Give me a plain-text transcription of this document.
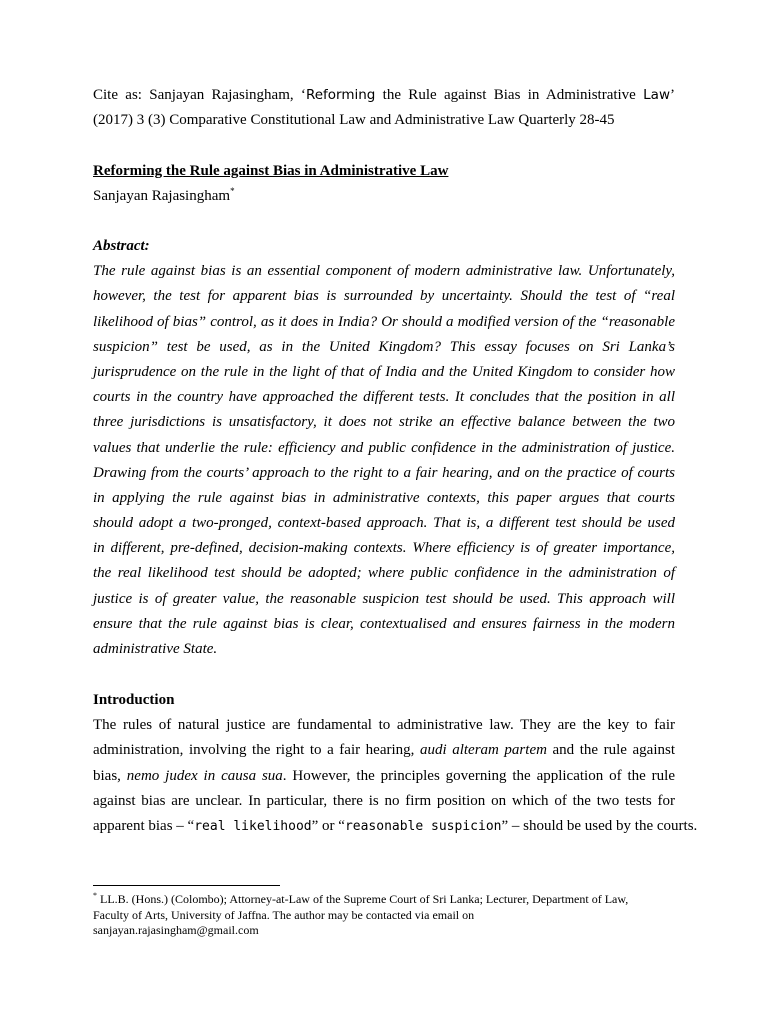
Cite as: Sanjayan Rajasingham, ‘Reforming the Rule against Bias in Administrative Law’
(2017) 3 (3) Comparative Constitutional Law and Administrative Law Quarterly 28-45
Reforming the Rule against Bias in Administrative Law
Sanjayan Rajasingham*
Abstract:
The rule against bias is an essential component of modern administrative law. Unfortunately,
however, the test for apparent bias is surrounded by uncertainty. Should the test of “real
likelihood of bias” control, as it does in India? Or should a modified version of the “reasonable
suspicion” test be used, as in the United Kingdom? This essay focuses on Sri Lanka’s
jurisprudence on the rule in the light of that of India and the United Kingdom to consider how
courts in the country have approached the different tests. It concludes that the position in all
three jurisdictions is unsatisfactory, it does not strike an effective balance between the two
values that underlie the rule: efficiency and public confidence in the administration of justice.
Drawing from the courts’ approach to the right to a fair hearing, and on the practice of courts
in applying the rule against bias in administrative contexts, this paper argues that courts
should adopt a two-pronged, context-based approach. That is, a different test should be used
in different, pre-defined, decision-making contexts. Where efficiency is of greater importance,
the real likelihood test should be adopted; where public confidence in the administration of
justice is of greater value, the reasonable suspicion test should be used. This approach will
ensure that the rule against bias is clear, contextualised and ensures fairness in the modern
administrative State.
Introduction
The rules of natural justice are fundamental to administrative law. They are the key to fair
administration, involving the right to a fair hearing, audi alteram partem and the rule against
bias, nemo judex in causa sua. However, the principles governing the application of the rule
against bias are unclear. In particular, there is no firm position on which of the two tests for
apparent bias – “real likelihood” or “reasonable suspicion” – should be used by the courts.
* LL.B. (Hons.) (Colombo); Attorney-at-Law of the Supreme Court of Sri Lanka; Lecturer, Department of Law,
Faculty of Arts, University of Jaffna. The author may be contacted via email on
sanjayan.rajasingham@gmail.com
